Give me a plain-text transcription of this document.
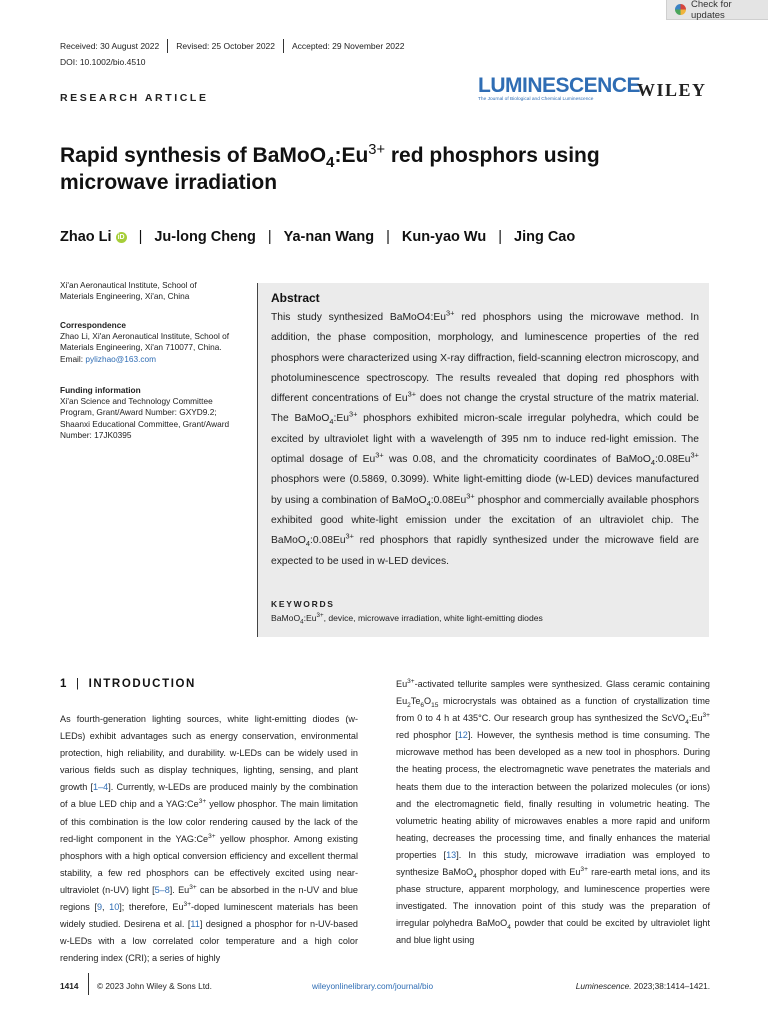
Check for updates
Received: 30 August 2022	Revised: 25 October 2022	Accepted: 29 November 2022
DOI: 10.1002/bio.4510
RESEARCH ARTICLE
LUMINESCENCE
The Journal of Biological and Chemical Luminescence	WILEY
Rapid synthesis of $BaMoO_4:Eu^{3+}$ red phosphors using
microwave irradiation
Zhao Li iD | Ju-long Cheng | Ya-nan Wang | Kun-yao Wu | Jing Cao
Xi'an Aeronautical Institute, School of
Materials Engineering, Xi'an, China
Correspondence
Zhao Li, Xi'an Aeronautical Institute, School of
Materials Engineering, Xi'an 710077, China.
Email: pylizhao@163.com
Funding information
Xi'an Science and Technology Committee
Program, Grant/Award Number: GXYD9.2;
Shaanxi Educational Committee, Grant/Award
Number: 17JK0395
Abstract
This study synthesized $BaMoO4:Eu^{3+}$ red phosphors using the microwave method. In addition, the phase composition, morphology, and luminescence properties of the red phosphors were characterized using X-ray diffraction, field-scanning electron microscopy, and photoluminescence spectroscopy. The results revealed that doping red phosphors with different concentrations of $Eu^{3+}$ does not change the crystal structure of the matrix material. The $BaMoO_4:Eu^{3+}$ phosphors exhibited micron-scale irregular polyhedra, which could be excited by ultraviolet light with a wavelength of 395 nm to induce red-light emission. The optimal dosage of $Eu^{3+}$ was 0.08, and the chromaticity coordinates of $BaMoO_4:0.08Eu^{3+}$ phosphors were (0.5869, 0.3099). White light-emitting diode (w-LED) devices manufactured by using a combination of $BaMoO_4:0.08Eu^{3+}$ phosphor and commercially available phosphors exhibited good white-light emission under the excitation of an ultraviolet chip. The $BaMoO_4:0.08Eu^{3+}$ red phosphors that rapidly synthesized under the microwave field are expected to be used in w-LED devices.
KEYWORDS
$BaMoO_4:Eu^{3+}$, device, microwave irradiation, white light-emitting diodes
1 | INTRODUCTION
As fourth-generation lighting sources, white light-emitting diodes (w-LEDs) exhibit advantages such as energy conservation, environmental protection, high reliability, and durability. w-LEDs can be widely used in various fields such as display techniques, lighting, sensing, and plant growth [1–4]. Currently, w-LEDs are produced mainly by the combination of a blue LED chip and a $YAG:Ce^{3+}$ yellow phosphor. The main limitation of this combination is the low color rendering caused by the lack of the red-light component in the $YAG:Ce^{3+}$ yellow phosphor. Among existing phosphors with a high optical conversion efficiency and excellent thermal stability, a few red phosphors can be effectively excited using near-ultraviolet (n-UV) light [5–8]. $Eu^{3+}$ can be absorbed in the n-UV and blue regions [9, 10]; therefore, $Eu^{3+}$-doped luminescent materials has been widely studied. Desirena et al. [11] designed a phosphor for n-UV-based w-LEDs with a low correlated color temperature and a high color rendering index (CRI); a series of highly
$Eu^{3+}$-activated tellurite samples were synthesized. Glass ceramic containing $Eu_2Te_6O_{15}$ microcrystals was obtained as a function of crystallization time from 0 to 4 h at 435°C. Our research group has synthesized the $ScVO_4:Eu^{3+}$ red phosphor [12]. However, the synthesis method is time consuming. The microwave method has been developed as a new tool in phosphors. During the heating process, the electromagnetic wave penetrates the materials and heats them due to the interaction between the polarized molecules (or ions) and the electromagnetic field, finally resulting in volumetric heating. The volumetric heating ability of microwaves enables a more rapid and uniform heating, decreases the processing time, and finally enhances the material properties [13]. In this study, microwave irradiation was employed to synthesize BaMoO$_4$ phosphor doped with $Eu^{3+}$ rare-earth metal ions, and its phase structure, apparent morphology, and luminescence properties were investigated. The innovation point of this study was the preparation of irregular polyhedra BaMoO$_4$ powder that could be excited by ultraviolet light and blue light using
1414 © 2023 John Wiley & Sons Ltd.	wileyonlinelibrary.com/journal/bio	Luminescence. 2023;38:1414–1421.
